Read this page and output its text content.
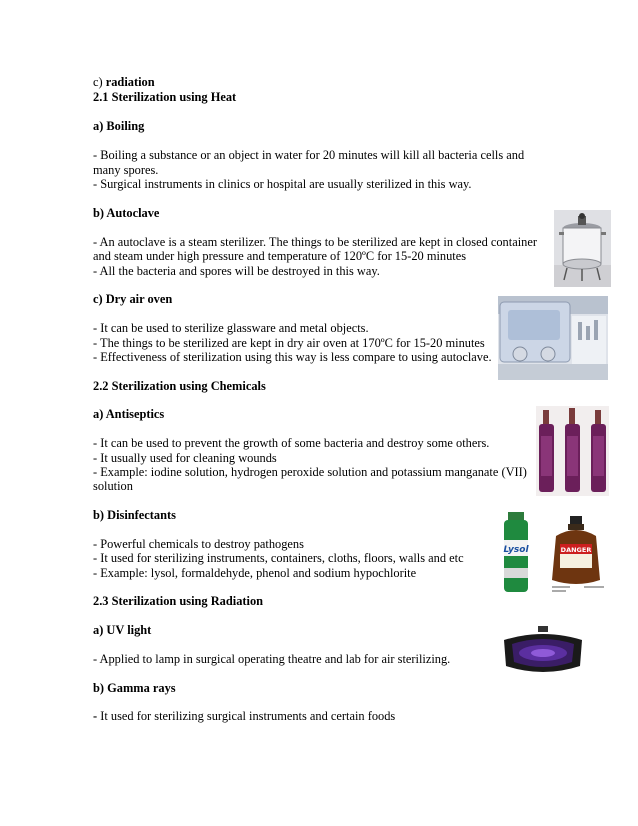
c) radiation
2.1 Sterilization using Heat
a) Boiling
- Boiling a substance or an object in water for 20 minutes will kill all bacteria cells and
many spores.
- Surgical instruments in clinics or hospital are usually sterilized in this way.
b) Autoclave
- An autoclave is a steam sterilizer. The things to be sterilized are kept in closed container
and steam under high pressure and temperature of 120ºC for 15-20 minutes
- All the bacteria and spores will be destroyed in this way.
c) Dry air oven
- It can be used to sterilize glassware and metal objects.
- The things to be sterilized are kept in dry air oven at 170ºC for 15-20 minutes
- Effectiveness of sterilization using this way is less compare to using autoclave.
2.2 Sterilization using Chemicals
a) Antiseptics
- It can be used to prevent the growth of some bacteria and destroy some others.
- It usually used for cleaning wounds
- Example: iodine solution, hydrogen peroxide solution and potassium manganate (VII)
solution
b) Disinfectants
- Powerful chemicals to destroy pathogens
- It used for sterilizing instruments, containers, cloths, floors, walls and etc
- Example: lysol, formaldehyde, phenol and sodium hypochlorite
2.3 Sterilization using Radiation
a) UV light
- Applied to lamp in surgical operating theatre and lab for air sterilizing.
b) Gamma rays
- It used for sterilizing surgical instruments and certain foods
Lysol	DANGER
